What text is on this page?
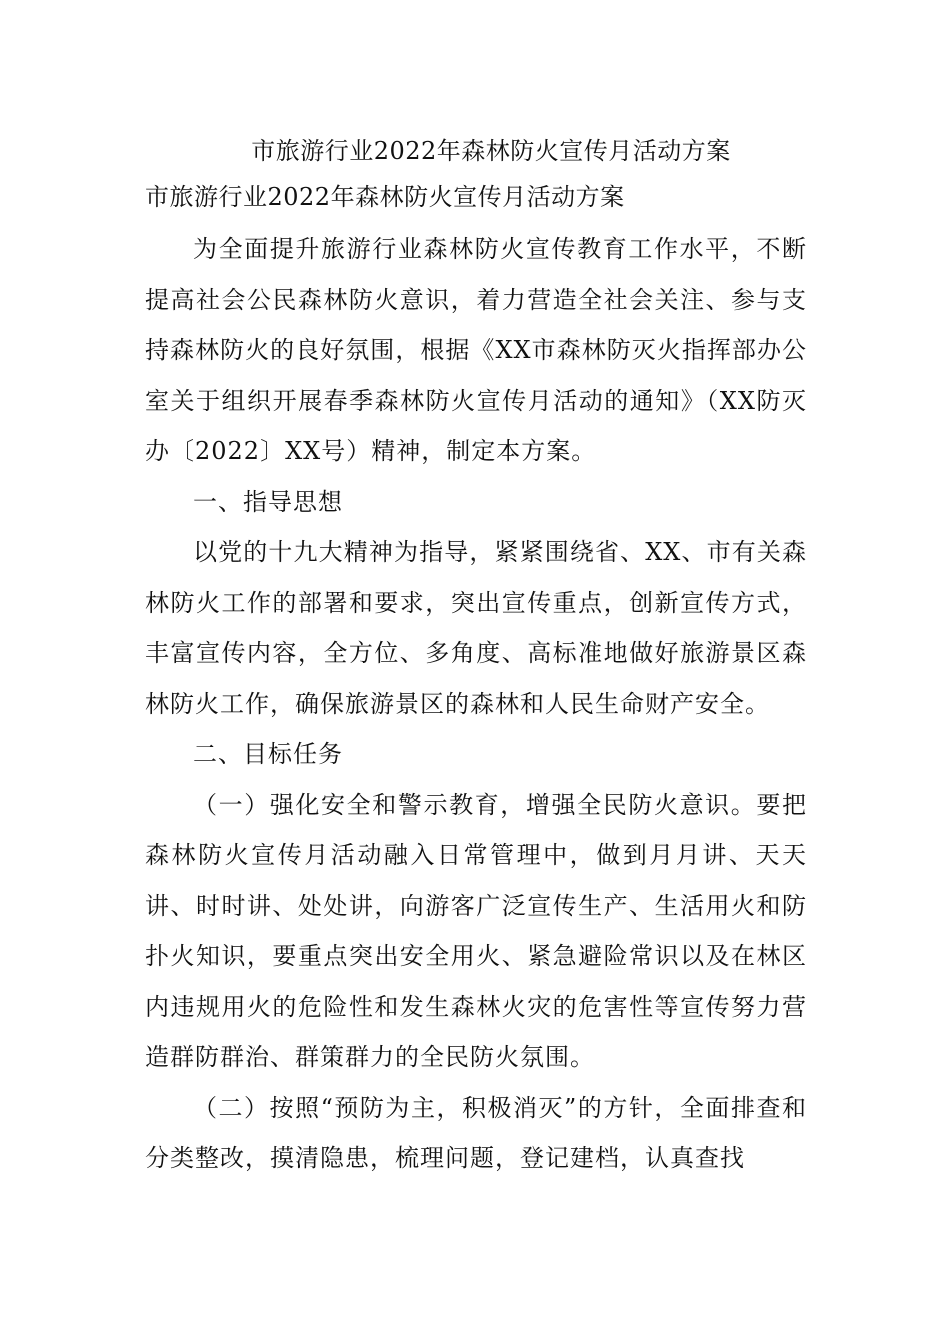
市旅游行业2022年森林防火宣传月活动方案
市旅游行业2022年森林防火宣传月活动方案

为全面提升旅游行业森林防火宣传教育工作水平，不断提高社会公民森林防火意识，着力营造全社会关注、参与支持森林防火的良好氛围，根据《XX市森林防灭火指挥部办公室关于组织开展春季森林防火宣传月活动的通知》（XX防灭办〔2022〕XX号）精神，制定本方案。

一、指导思想

以党的十九大精神为指导，紧紧围绕省、XX、市有关森林防火工作的部署和要求，突出宣传重点，创新宣传方式，丰富宣传内容，全方位、多角度、高标准地做好旅游景区森林防火工作，确保旅游景区的森林和人民生命财产安全。

二、目标任务

（一）强化安全和警示教育，增强全民防火意识。要把森林防火宣传月活动融入日常管理中，做到月月讲、天天讲、时时讲、处处讲，向游客广泛宣传生产、生活用火和防扑火知识，要重点突出安全用火、紧急避险常识以及在林区内违规用火的危险性和发生森林火灾的危害性等宣传努力营造群防群治、群策群力的全民防火氛围。

（二）按照“预防为主，积极消灭”的方针，全面排查和分类整改，摸清隐患，梳理问题，登记建档，认真查找
